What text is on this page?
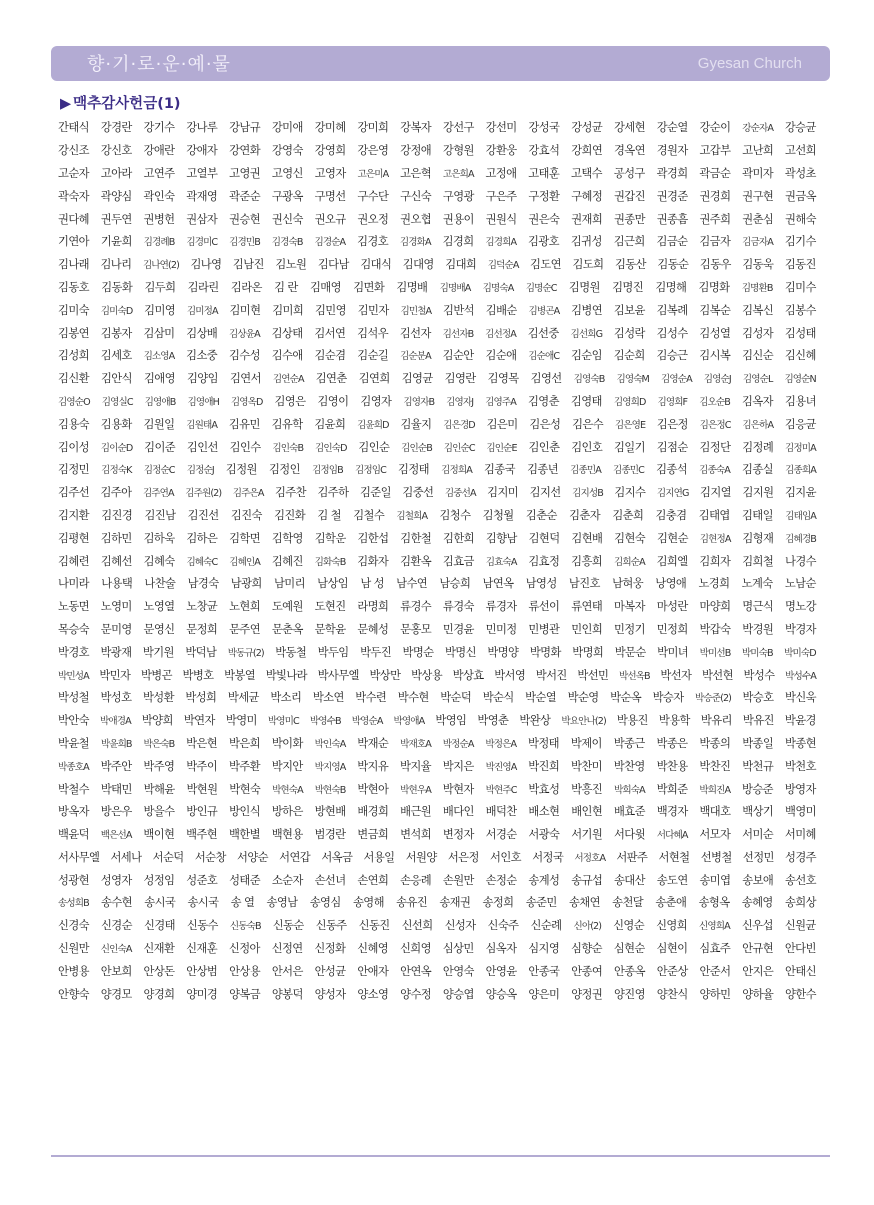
향·기·로·운·예·물	Gyesan Church
▶ 맥추감사헌금(1)
간태식 강경란 강기수 강나루 강남규 강미애 강미혜 강미희 강복자 강선구 강선미 강성국 강성균 강세현 강순열 강순이 강순자A 강승균
강신조 강신호 강애란 강애자 강연화 강영숙 강영희 강은영 강정애 강형원 강환웅 강효석 강희연 경옥연 경원자 고갑부 고난희 고선희
고순자 고아라 고연주 고열부 고영권 고영신 고영자 고은미A 고은혁 고은희A 고정애 고태훈 고택수 공성구 곽경희 곽금순 곽미자 곽성초
곽숙자 곽양심 곽인숙 곽재영 곽준순 구광옥 구명선 구수단 구신숙 구영광 구은주 구정환 구혜정 권갑진 권경준 권경희 권구현 권금옥
권다혜 권두연 권병헌 권삼자 권승현 권신숙 권오규 권오정 권오협 권용이 권원식 권은숙 권재희 권종만 권종흠 권주희 권춘심 권해숙
기연아 기윤희 김경례B 김경미C 김경민B 김경숙B 김경순A 김경호 김경화A 김경희 김경희A 김광호 김귀성 김근희 김금순 김금자 김금자A 김기수
김나래 김나리 김나연(2) 김나영 김남진 김노원 김다남 김대식 김대영 김대희 김덕순A 김도연 김도희 김동산 김동순 김동우 김동욱 김동진
김동호 김동화 김두희 김라린 김라온 김 란 김매영 김면화 김명배 김명배A 김명숙A 김명순C 김명원 김명진 김명해 김명화 김명환B 김미수
김미숙 김미숙D 김미영 김미정A 김미현 김미희 김민영 김민자 김민철A 김반석 김배순 김병곤A 김병연 김보윤 김복례 김복순 김복신 김봉수
김봉연 김봉자 김삼미 김상배 김상윤A 김상태 김서연 김석우 김선자 김선자B 김선정A 김선중 김선희G 김성락 김성수 김성열 김성자 김성태
김성희 김세호 김소영A 김소중 김수성 김수애 김순겸 김순길 김순분A 김순안 김순애 김순애C 김순임 김순희 김승근 김시복 김신순 김신혜
김신환 김안식 김애영 김양임 김연서 김연순A 김연춘 김연희 김영균 김영란 김영목 김영선 김영숙B 김영숙M 김영순A 김영순J 김영순L 김영순N
김영순O 김영실C 김영애B 김영애H 김영옥D 김영은 김영이 김영자 김영자B 김영자J 김영주A 김영춘 김영태 김영희D 김영희F 김오순B 김옥자 김용녀
김용숙 김용화 김원일 김원태A 김유민 김유학 김윤희 김윤희D 김율지 김은경D 김은미 김은성 김은수 김은영E 김은정 김은정C 김은하A 김응균
김이성 김이순D 김이준 김인선 김인수 김인숙B 김인숙D 김인순 김인순B 김인순C 김인순E 김인춘 김인호 김일기 김점순 김정단 김정례 김정미A
김정민 김정숙K 김정순C 김정순J 김정원 김정인 김정임B 김정임C 김정태 김정희A 김종국 김종년 김종민A 김종민C 김종석 김종숙A 김종실 김종희A
김주선 김주아 김주연A 김주원(2) 김주은A 김주찬 김주하 김준일 김중선 김중선A 김지미 김지선 김지성B 김지수 김지연G 김지열 김지원 김지윤
김지환 김진경 김진남 김진선 김진숙 김진화 김 철 김철수 김철희A 김청수 김청월 김춘순 김춘자 김춘희 김충겸 김태엽 김태일 김태임A
김평현 김하민 김하욱 김하은 김학면 김학영 김학운 김한섭 김한철 김한희 김향남 김현덕 김현배 김현숙 김현순 김현정A 김형재 김혜경B
김혜련 김혜선 김혜숙 김혜숙C 김혜인A 김혜진 김화숙B 김화자 김환옥 김효금 김효숙A 김효정 김흥희 김희순A 김희엘 김희자 김희철 나경수
나미라 나용택 나찬술 남경숙 남광희 남미리 남상임 남 성 남수연 남승희 남연옥 남영성 남진호 남혀웅 낭영애 노경희 노계숙 노남순
노동면 노영미 노영열 노창균 노현희 도예원 도현진 라명희 류경수 류경숙 류경자 류선이 류연태 마복자 마성란 마양희 명근식 명노강
목승숙 문미영 문영신 문정희 문주연 문춘옥 문학윤 문혜성 문홍모 민경윤 민미정 민병관 민인희 민정기 민정희 박갑숙 박경원 박경자
박경호 박광재 박기원 박덕남 박동규(2) 박동철 박두임 박두진 박명순 박명신 박명양 박명화 박명희 박문순 박미녀 박미선B 박미숙B 박미숙D
박민성A 박민자 박병곤 박병호 박봉열 박빛나라 박사무엘 박상만 박상용 박상효 박서영 박서진 박선민 박선옥B 박선자 박선현 박성수 박성수A
박성철 박성호 박성환 박성희 박세균 박소리 박소연 박수련 박수현 박순덕 박순식 박순열 박순영 박순옥 박승자 박승준(2) 박승호 박신욱
박안숙 박애경A 박양희 박연자 박영미 박영미C 박영수B 박영순A 박영애A 박영임 박영춘 박완상 박요안나(2) 박용진 박용학 박유리 박유진 박윤경
박윤철 박윤희B 박은숙B 박은현 박은희 박이화 박인숙A 박재순 박재호A 박정순A 박정은A 박정태 박제이 박종근 박종은 박종의 박종일 박종현
박종호A 박주안 박주영 박주이 박주환 박지안 박지영A 박지유 박지율 박지은 박진영A 박진희 박찬미 박찬영 박찬용 박찬진 박천규 박천호
박철수 박태민 박해윤 박현원 박현숙 박현숙A 박현숙B 박현아 박현우A 박현자 박현주C 박효성 박흥진 박희숙A 박희준 박희진A 방승준 방영자
방옥자 방은우 방을수 방인규 방인식 방하은 방현배 배경희 배근원 배다인 배덕찬 배소현 배인현 배효준 백경자 백대호 백상기 백영미
백윤덕 백은선A 백이현 백주현 백한별 백현용 범경란 변금희 변석희 변정자 서경순 서광숙 서기원 서다윗 서다혜A 서모자 서미순 서미혜
서사무엘 서세나 서순덕 서순창 서양순 서연갑 서옥금 서용일 서원양 서은정 서인호 서정국 서정호A 서판주 서현철 선병철 선정민 성경주
성광현 성영자 성정임 성준호 성태준 소순자 손선녀 손연희 손응례 손원만 손정순 송계성 송규섭 송대산 송도연 송미엽 송보애 송선호
송성희B 송수현 송시국 송시국 송 열 송영남 송영심 송영해 송유진 송재권 송정희 송준민 송채연 송천달 송춘애 송형옥 송혜영 송희상
신경숙 신경순 신경태 신동수 신동숙B 신동순 신동주 신동진 신선희 신성자 신숙주 신순례 신아(2) 신영순 신영희 신영희A 신우섭 신원균
신원만 신인숙A 신재환 신재훈 신정아 신정연 신정화 신혜영 신희영 심상민 심옥자 심지영 심향순 심현순 심현이 심효주 안규현 안다빈
안병용 안보희 안상돈 안상범 안상용 안서은 안성균 안애자 안연옥 안영숙 안영윤 안종국 안종여 안종옥 안준상 안준서 안지은 안태신
안향숙 양경모 양경희 양미경 양복금 양봉덕 양성자 양소영 양수정 양승엽 양승옥 양은미 양정권 양진영 양찬식 양하민 양하율 양한수
